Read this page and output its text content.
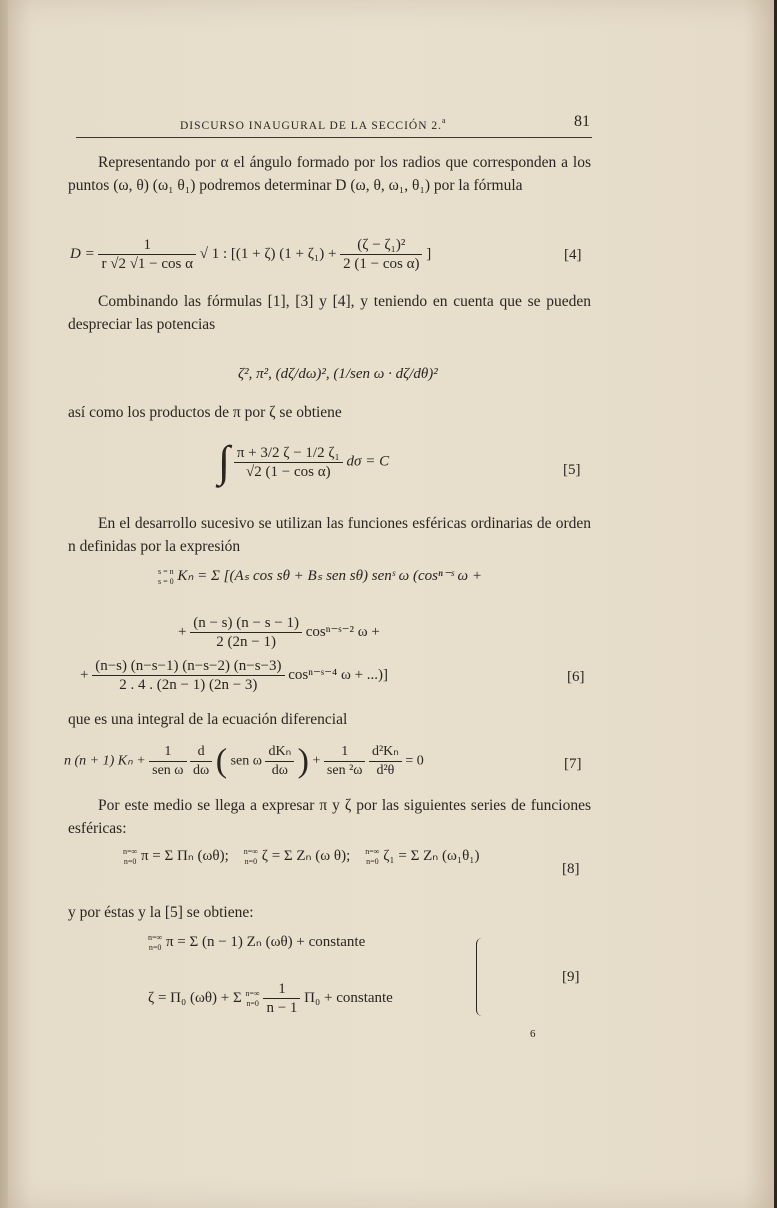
DISCURSO INAUGURAL DE LA SECCIÓN 2.$^a$	81
Representando por α el ángulo formado por los radios que corresponden a los puntos (ω, θ) (ω₁ θ₁) podremos determinar D (ω, θ, ω₁, θ₁) por la fórmula
$D = \frac{1}{\text{r √2 √1 − cos α}}$ √ 1 : [(1 + ζ) $(1 + \zeta_1) + \frac{\text{(ζ − ζ₁)²}}{\text{2 (1 − cos α)}}$ ]	[4]
Combinando las fórmulas [1], [3] y [4], y teniendo en cuenta que se pueden despreciar las potencias
ζ², π², (dζ/dω)², (1/sen ω · dζ/dθ)²
así como los productos de π por ζ se obtiene
∫ $\frac{\text{π + 3/2 ζ − 1/2 ζ₁}}{\text{√2 (1 − cos α)}}$ dσ = C
[5]
En el desarrollo sucesivo se utilizan las funciones esféricas ordinarias de orden n definidas por la expresión
s = n
s = 0 Kₙ = Σ [(Aₛ cos sθ + Bₛ sen sθ) senˢ ω (cosⁿ⁻ˢ ω +
+ $\frac{(n - s) (n - s - 1)}{2 (2n - 1)}$ cosⁿ⁻ˢ⁻² ω +
+ $\frac{(n-s) (n-s-1) (n-s-2) (n-s-3)}{2 . 4 . (2n - 1) (2n - 3)}$ cosⁿ⁻ˢ⁻⁴ ω + ...)]	[6]
que es una integral de la ecuación diferencial
n (n + 1) $K_n + \frac{1}{\text{sen ω}}$
$\frac{d}{d\omega}$ ( sen ω $\frac{\text{dKₙ}}{d\omega}$ ) + $\frac{1}{\text{sen ²ω}}$
$\frac{\text{d²Kₙ}}{\text{d²θ}} = 0$	[7]
Por este medio se llega a expresar π y ζ por las siguientes series de funciones esféricas:
n=∞
n=0 π = Σ Πₙ (ωθ); n=∞
n=0 ζ = Σ Zₙ (ω θ); n=∞
n=0 ζ₁ = Σ Zₙ (ω₁θ₁)
[8]
y por éstas y la [5] se obtiene:
n=∞
n=0 π = Σ (n − 1) Zₙ (ωθ) + constante
ζ = Π₀ (ωθ) + Σ n=∞
n=0
$\frac{1}{n - 1} \Pi_0$ + constante
[9]
6
